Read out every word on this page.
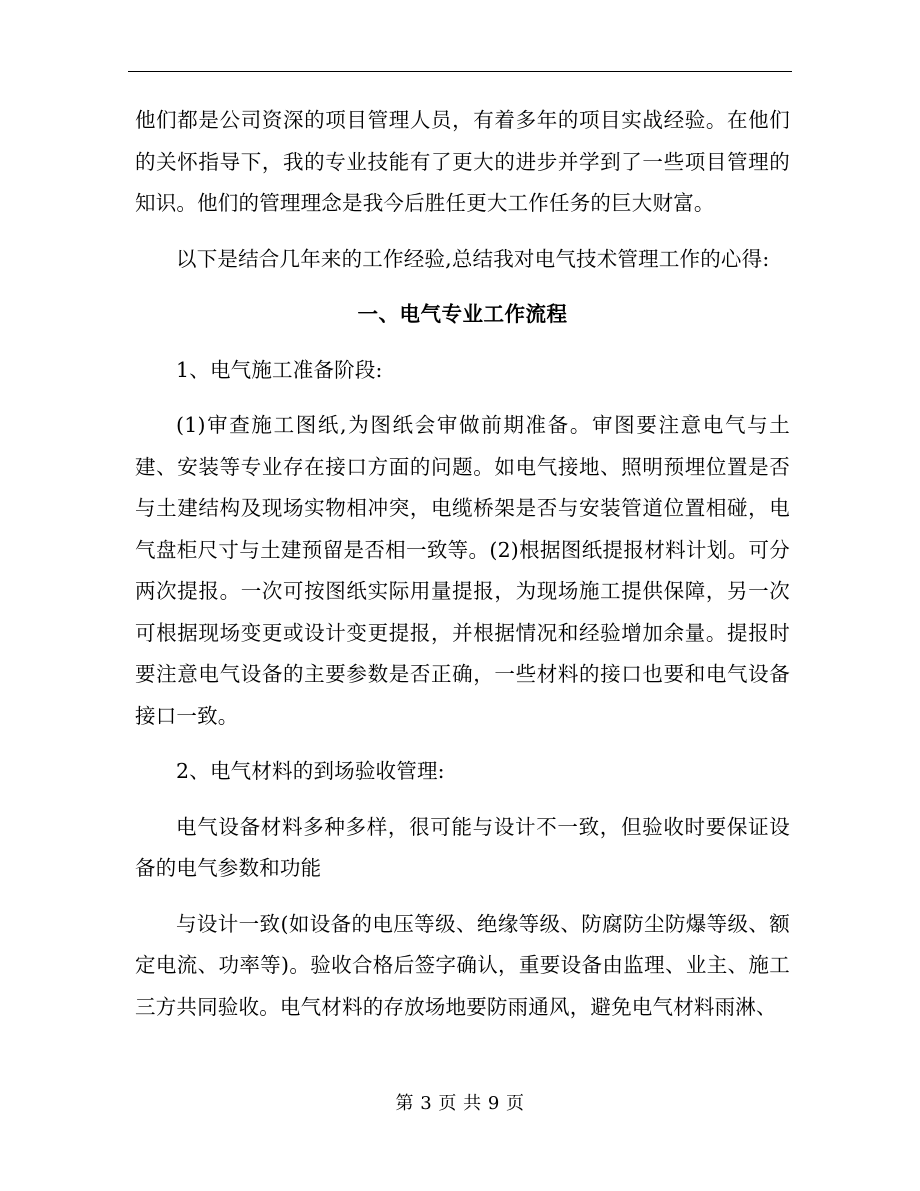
他们都是公司资深的项目管理人员，有着多年的项目实战经验。在他们的关怀指导下，我的专业技能有了更大的进步并学到了一些项目管理的知识。他们的管理理念是我今后胜任更大工作任务的巨大财富。

以下是结合几年来的工作经验,总结我对电气技术管理工作的心得:

一、电气专业工作流程

1、电气施工准备阶段:

(1)审查施工图纸,为图纸会审做前期准备。审图要注意电气与土建、安装等专业存在接口方面的问题。如电气接地、照明预埋位置是否与土建结构及现场实物相冲突，电缆桥架是否与安装管道位置相碰，电气盘柜尺寸与土建预留是否相一致等。(2)根据图纸提报材料计划。可分两次提报。一次可按图纸实际用量提报，为现场施工提供保障，另一次可根据现场变更或设计变更提报，并根据情况和经验增加余量。提报时要注意电气设备的主要参数是否正确，一些材料的接口也要和电气设备接口一致。

2、电气材料的到场验收管理:

电气设备材料多种多样，很可能与设计不一致，但验收时要保证设备的电气参数和功能

与设计一致(如设备的电压等级、绝缘等级、防腐防尘防爆等级、额定电流、功率等)。验收合格后签字确认，重要设备由监理、业主、施工三方共同验收。电气材料的存放场地要防雨通风，避免电气材料雨淋、

第 3 页 共 9 页
